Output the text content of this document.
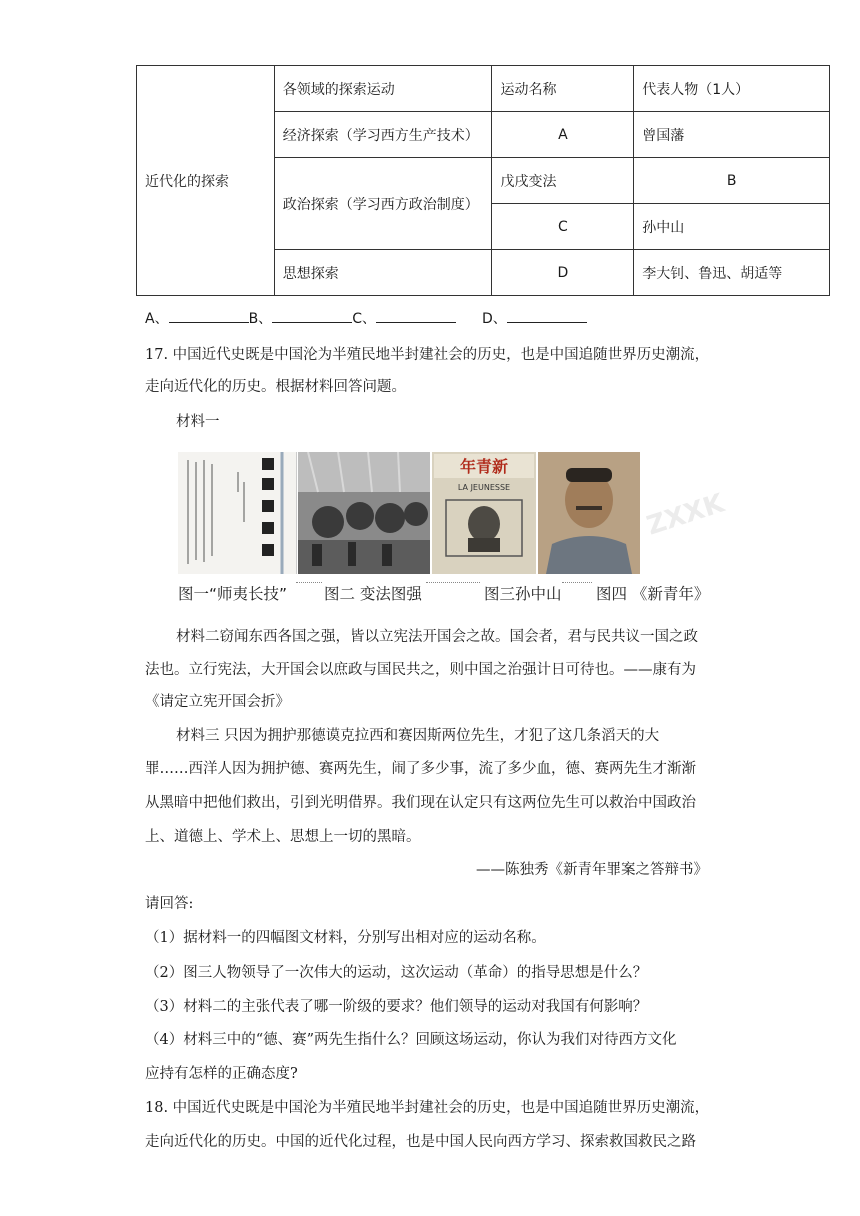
近代化的探索	各领域的探索运动	运动名称	代表人物（1人）
	经济探索（学习西方生产技术）	A	曾国藩
	政治探索（学习西方政治制度）	戊戌变法	B
		C	孙中山
	思想探索	D	李大钊、鲁迅、胡适等
A、	B、	C、	D、
17. 中国近代史既是中国沦为半殖民地半封建社会的历史，也是中国追随世界历史潮流，
走向近代化的历史。根据材料回答问题。
材料一
年青新
LA JEUNESSE
ZXXK
图一“师夷长技” 图二 变法图强	图三孙中山 图四 《新青年》
材料二窃闻东西各国之强，皆以立宪法开国会之故。国会者，君与民共议一国之政
法也。立行宪法，大开国会以庶政与国民共之，则中国之治强计日可待也。——康有为
《请定立宪开国会折》
材料三 只因为拥护那德谟克拉西和赛因斯两位先生，才犯了这几条滔天的大
罪……西洋人因为拥护德、赛两先生，闹了多少事，流了多少血，德、赛两先生才渐渐
从黑暗中把他们救出，引到光明借界。我们现在认定只有这两位先生可以救治中国政治
上、道德上、学术上、思想上一切的黑暗。
——陈独秀《新青年罪案之答辩书》
请回答:
（1）据材料一的四幅图文材料，分别写出相对应的运动名称。
（2）图三人物领导了一次伟大的运动，这次运动（革命）的指导思想是什么？
（3）材料二的主张代表了哪一阶级的要求？他们领导的运动对我国有何影响？
（4）材料三中的“德、赛”两先生指什么？回顾这场运动，你认为我们对待西方文化
应持有怎样的正确态度?
18. 中国近代史既是中国沦为半殖民地半封建社会的历史，也是中国追随世界历史潮流，
走向近代化的历史。中国的近代化过程，也是中国人民向西方学习、探索救国救民之路
